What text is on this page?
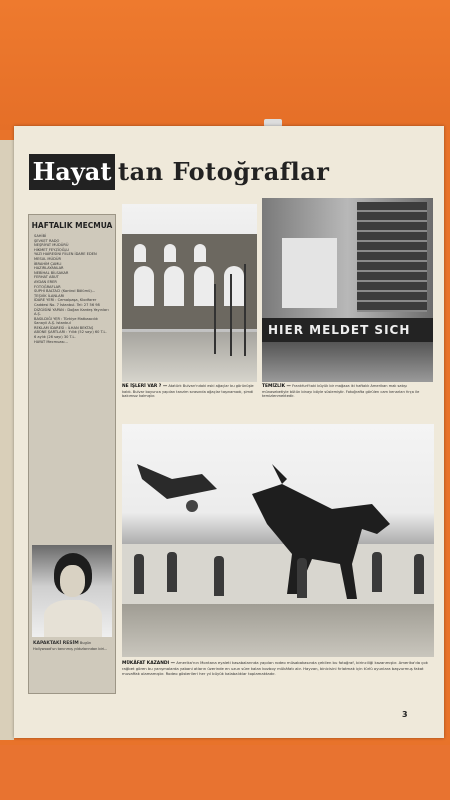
Hayat tan Fotoğraflar
HAFTALIK MECMUA
SAHİBİ
ŞEVKET RADO
NEŞRİYAT MÜDÜRÜ
HİKMET FEYZİOĞLU
YAZI HAİRESİNİ FİİLEN İDARE EDEN MESUL MÜDÜR
İBRAHİM ÇAMLI
HAZIRLAYANLAR
NEBİHAL BİLSAKAR
FERHAT ABUT
AYDAN ERER
FOTOĞRAFLAR
SUPHİ BALTACI (Kontrol Bölümü)...
TEŞVİK İLANLARI
İDARE YERİ : Cemalpaşa, Klodfarer Caddesi No. 7 İstanbul. Tel: 27 56 98
DİZGİSİNİ YAPAN : Doğan Kardeş Yayınları A.Ş.
BASILDIĞI YER : Türkiye Matbaacılık Sanayii A.Ş. İstanbul
REKLAM İDARESİ : İLHAN BEKTAŞ
ABONE ŞARTLARI : Yıllık (52 sayı) 60 T.L. 6 aylık (26 sayı) 30 T.L.
HAYAT Mecmuası...
KAPAKTAKİ RESİM Bugün Hollywood'un tanınmış yıldızlarından biri...
NE İŞLERİ VAR ? — Atatürk Bulvarı'ndaki eski ağaçlar bu görünüşle kaldı. Bulvar boyunca yapılan tanzim sırasında ağaçlar taşınamadı, şimdi bakımsız kalmıştır.
HIER MELDET SICH
TEMİZLİK — Frankfurt'taki büyük bir mağaza iki haftalık Amerikan malı satışı münasebetiyle bütün binayı böyle süslemiştir. Fotoğrafta görülen cam kenarları fırça ile temizlenmektedir.
MÜKÂFAT KAZANDI — Amerika'nın Montana eyaleti kasabalarında yapılan rodeo müsabakasında çekilen bu fotoğraf, birinciliği kazanmıştır. Amerika'da çok rağbet gören bu yarışmalarda yabani atların üzerinde en uzun süre kalan kovboy mükâfatı alır. Hayvan, binicisini fırlatmak için türlü oyunlara başvurmuş fakat muvaffak olamamıştır. Rodeo gösterileri her yıl büyük kalabalıklar toplamaktadır.
3
